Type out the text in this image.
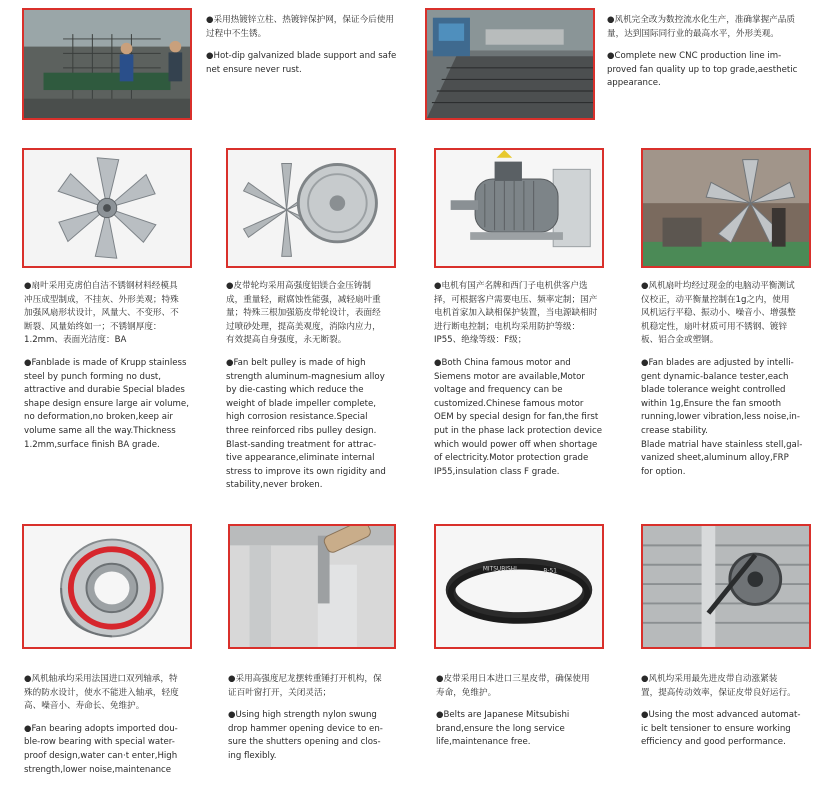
●采用热镀锌立柱、热镀锌保护网，保证今后使用
过程中不生锈。

●Hot-dip galvanized blade support and safe
net ensure never rust.

●风机完全改为数控流水化生产，准确掌握产品质
量，达到国际同行业的最高水平，外形美观。

●Complete new CNC production line im-
proved fan quality up to top grade,aesthetic
appearance.

●扇叶采用克虏伯自洁不锈钢材料经模具
冲压成型制成，不挂灰、外形美观；特殊
加强风扇形状设计，风量大、不变形、不
断裂、风量始终如一；不锈钢厚度：
1.2mm、表面光洁度：BA

●Fanblade is made of Krupp stainless
steel by punch forming no dust,
attractive and durabie Special blades
shape design ensure large air volume,
no deformation,no broken,keep air
volume same all the way.Thickness
1.2mm,surface finish BA grade.

●皮带轮均采用高强度铝镁合金压铸制
成，重量轻，耐腐蚀性能强，减轻扇叶重
量；特殊三根加强筋皮带轮设计，表面经
过喷砂处理，提高美观度，消除内应力，
有效提高自身强度，永无断裂。

●Fan belt pulley is made of high
strength aluminum-magnesium alloy
by die-casting which reduce the
weight of blade impeller complete,
high corrosion resistance.Special
three reinforced ribs pulley design.
Blast-sanding treatment for attrac-
tive appearance,eliminate internal
stress to improve its own rigidity and
stability,never broken.

●电机有国产名牌和西门子电机供客户选
择，可根据客户需要电压、频率定制；国产
电机首家加入缺相保护装置，当电源缺相时
进行断电控制；电机均采用防护等级：
IP55、绝缘等级：F级；

●Both China famous motor and
Siemens motor are available,Motor
voltage and frequency can be
customized.Chinese famous motor
OEM by special design for fan,the first
put in the phase lack protection device
which would power off when shortage
of electricity.Motor protection grade
IP55,insulation class F grade.

●风机扇叶均经过现金的电脑动平衡测试
仪校正，动平衡量控制在1g之内，使用
风机运行平稳、振动小、噪音小、增强整
机稳定性，扇叶材质可用不锈钢、镀锌
板、铝合金或塑钢。

●Fan blades are adjusted by intelli-
gent dynamic-balance tester,each
blade tolerance weight controlled
within 1g,Ensure the fan smooth
running,lower vibration,less noise,in-
crease stability.
Blade matrial have stainless stell,gal-
vanized sheet,aluminum alloy,FRP
for option.

MITSUBISHI	B-51

●风机轴承均采用法国进口双列轴承，特
殊的防水设计，使水不能进入轴承，轻度
高、噪音小、寿命长、免维护。

●Fan bearing adopts imported dou-
ble-row bearing with special water-
proof design,water can·t enter,High
strength,lower noise,maintenance

●采用高强度尼龙摆转重锤打开机构，保
证百叶窗打开，关闭灵活；

●Using high strength nylon swung
drop hammer opening device to en-
sure the shutters opening and clos-
ing flexibly.

●皮带采用日本进口三星皮带，确保使用
寿命，免维护。

●Belts are Japanese Mitsubishi
brand,ensure the long service
life,maintenance free.

●风机均采用最先进皮带自动涨紧装
置，提高传动效率，保证皮带良好运行。

●Using the most advanced automat-
ic belt tensioner to ensure working
efficiency and good performance.
